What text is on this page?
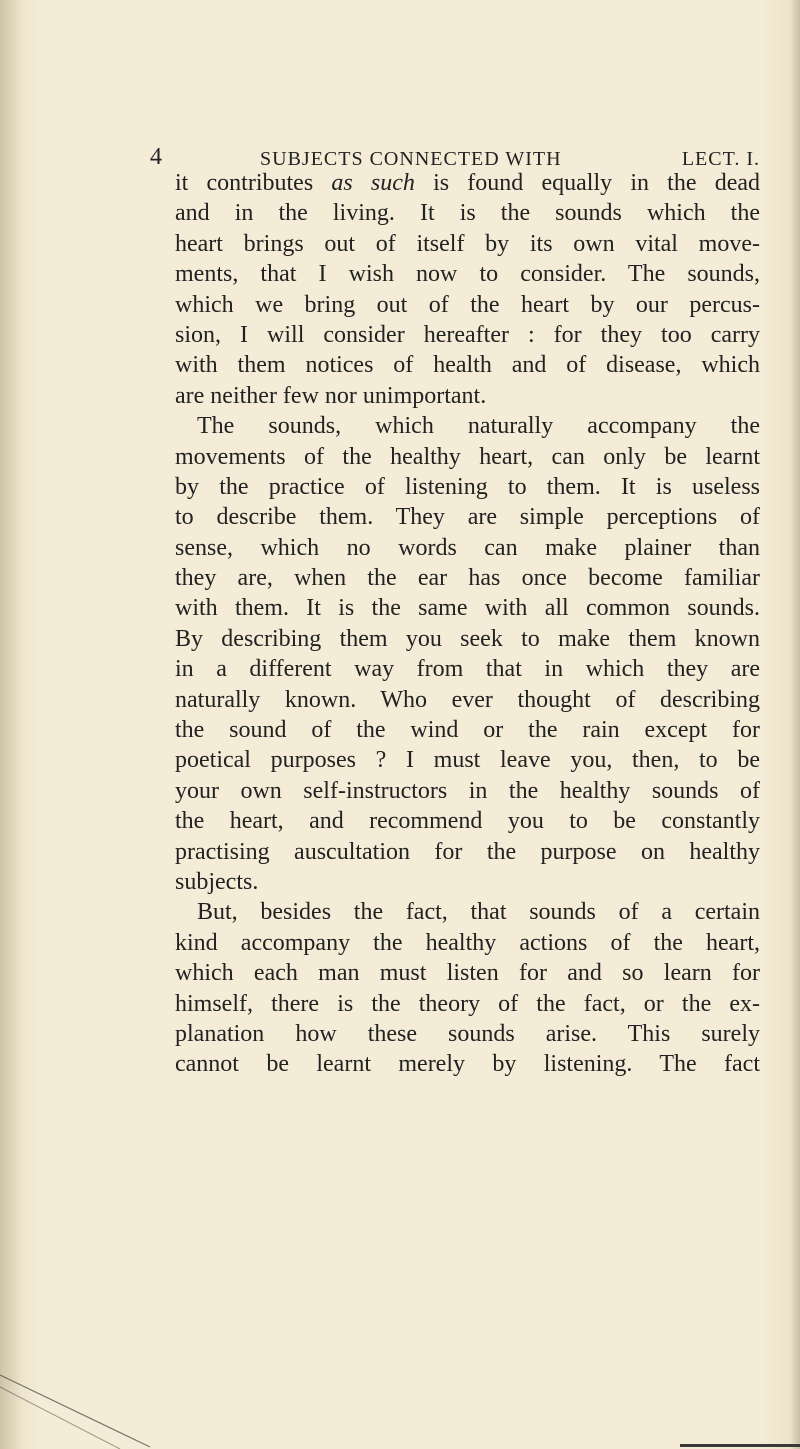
4	SUBJECTS CONNECTED WITH	LECT. I.
it contributes as such is found equally in the dead
and in the living. It is the sounds which the
heart brings out of itself by its own vital move-
ments, that I wish now to consider. The sounds,
which we bring out of the heart by our percus-
sion, I will consider hereafter : for they too carry
with them notices of health and of disease, which
are neither few nor unimportant.
The sounds, which naturally accompany the
movements of the healthy heart, can only be learnt
by the practice of listening to them. It is useless
to describe them. They are simple perceptions of
sense, which no words can make plainer than
they are, when the ear has once become familiar
with them. It is the same with all common sounds.
By describing them you seek to make them known
in a different way from that in which they are
naturally known. Who ever thought of describing
the sound of the wind or the rain except for
poetical purposes ? I must leave you, then, to be
your own self-instructors in the healthy sounds of
the heart, and recommend you to be constantly
practising auscultation for the purpose on healthy
subjects.
But, besides the fact, that sounds of a certain
kind accompany the healthy actions of the heart,
which each man must listen for and so learn for
himself, there is the theory of the fact, or the ex-
planation how these sounds arise. This surely
cannot be learnt merely by listening. The fact
